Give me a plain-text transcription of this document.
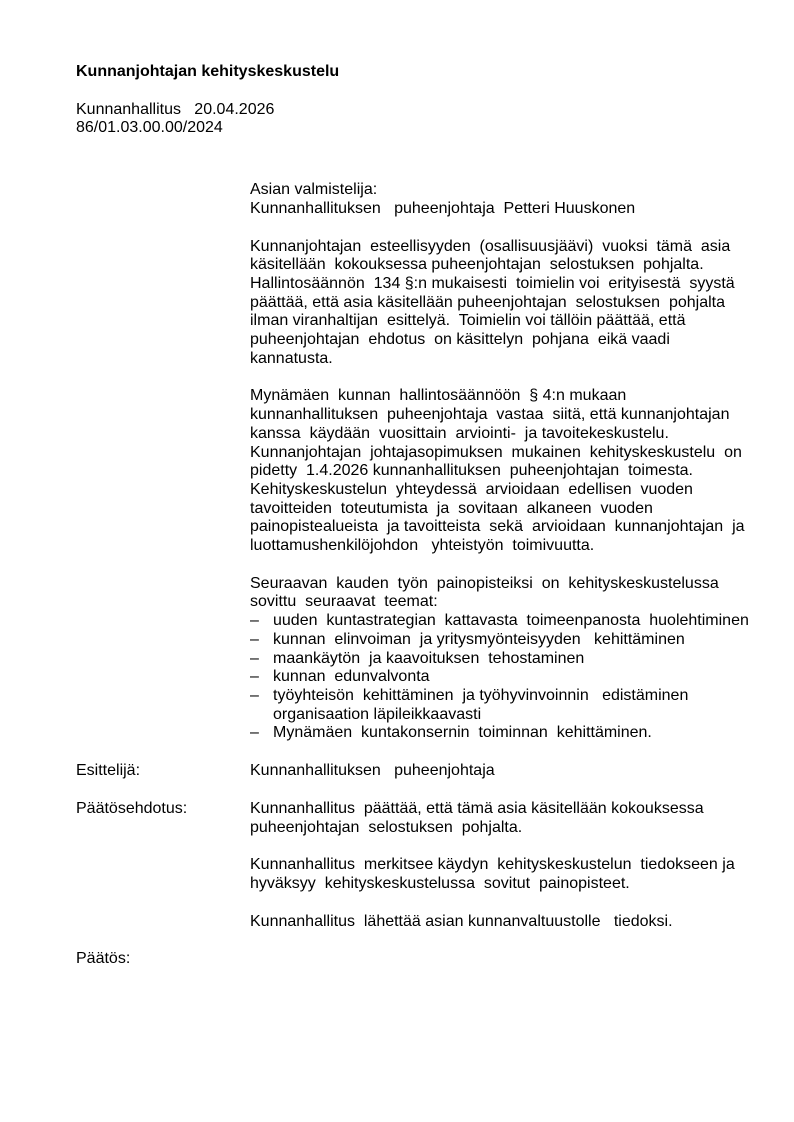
Kunnanjohtajan kehityskeskustelu
Kunnanhallitus   20.04.2026
86/01.03.00.00/2024
Asian valmistelija:
Kunnanhallituksen   puheenjohtaja  Petteri Huuskonen
Kunnanjohtajan  esteellisyyden  (osallisuusjäävi)  vuoksi  tämä  asia
käsitellään  kokouksessa puheenjohtajan  selostuksen  pohjalta.
Hallintosäännön  134 §:n mukaisesti  toimielin voi  erityisestä  syystä
päättää, että asia käsitellään puheenjohtajan  selostuksen  pohjalta
ilman viranhaltijan  esittelyä.  Toimielin voi tällöin päättää, että
puheenjohtajan  ehdotus  on käsittelyn  pohjana  eikä vaadi
kannatusta.
Mynämäen  kunnan  hallintosäännöön  § 4:n mukaan
kunnanhallituksen  puheenjohtaja  vastaa  siitä, että kunnanjohtajan
kanssa  käydään  vuosittain  arviointi-  ja tavoitekeskustelu.
Kunnanjohtajan  johtajasopimuksen  mukainen  kehityskeskustelu  on
pidetty  1.4.2026 kunnanhallituksen  puheenjohtajan  toimesta.
Kehityskeskustelun  yhteydessä  arvioidaan  edellisen  vuoden
tavoitteiden  toteutumista  ja  sovitaan  alkaneen  vuoden
painopistealueista  ja tavoitteista  sekä  arvioidaan  kunnanjohtajan  ja
luottamushenkilöjohdon   yhteistyön  toimivuutta.
Seuraavan  kauden  työn  painopisteiksi  on  kehityskeskustelussa
sovittu  seuraavat  teemat:
– uuden  kuntastrategian  kattavasta  toimeenpanosta  huolehtiminen
– kunnan  elinvoiman  ja yritysmyönteisyyden   kehittäminen
– maankäytön  ja kaavoituksen  tehostaminen
– kunnan  edunvalvonta
– työyhteisön  kehittäminen  ja työhyvinvoinnin   edistäminen
organisaation läpileikkaavasti
– Mynämäen  kuntakonsernin  toiminnan  kehittäminen.
Esittelijä:	Kunnanhallituksen   puheenjohtaja
Päätösehdotus:	Kunnanhallitus  päättää, että tämä asia käsitellään kokouksessa
puheenjohtajan  selostuksen  pohjalta.
Kunnanhallitus  merkitsee käydyn  kehityskeskustelun  tiedokseen ja
hyväksyy  kehityskeskustelussa  sovitut  painopisteet.
Kunnanhallitus  lähettää asian kunnanvaltuustolle   tiedoksi.
Päätös:
